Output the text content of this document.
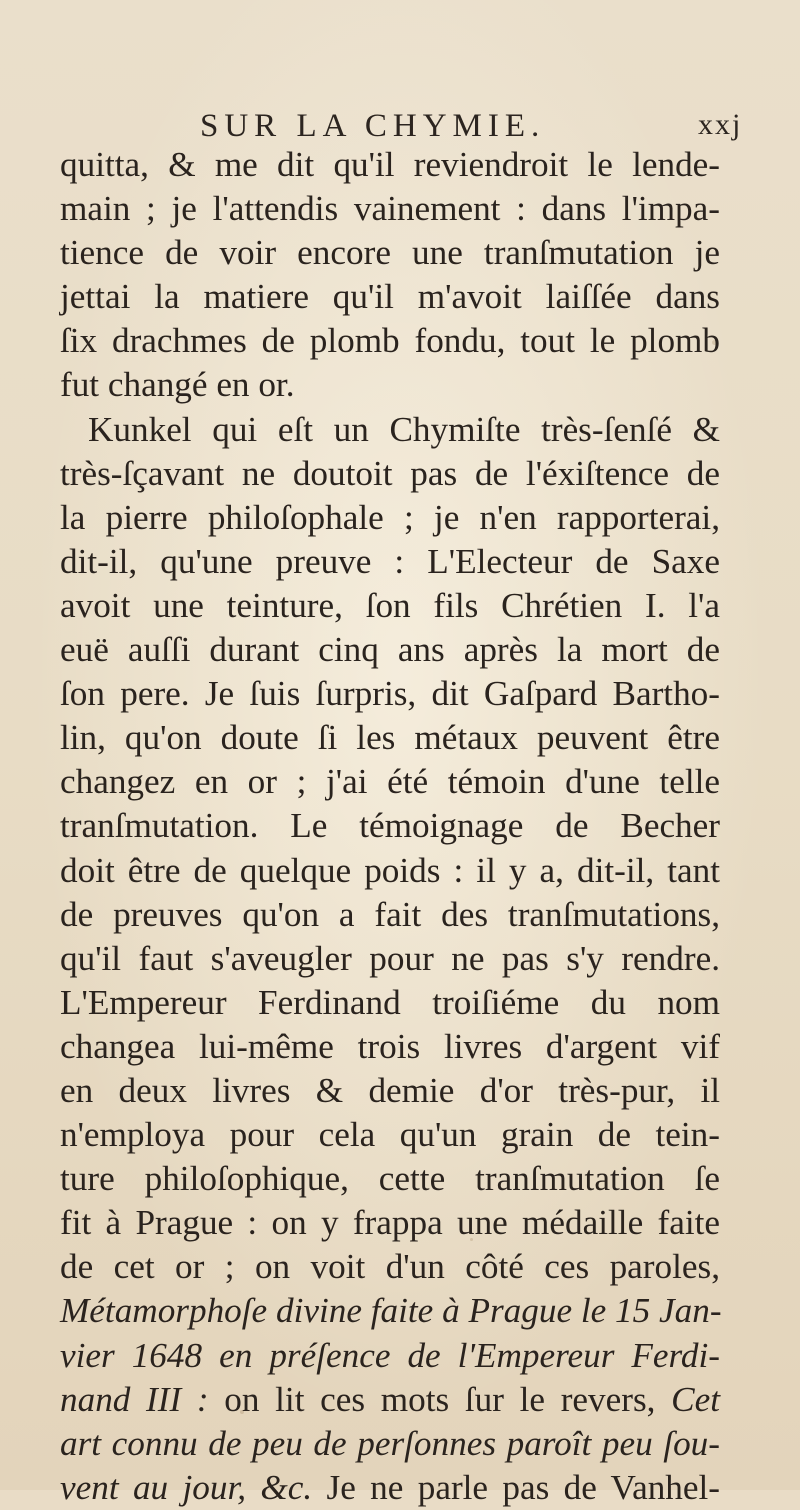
SUR LA CHYMIE.	xxj
quitta, & me dit qu'il reviendroit le lende-
main ; je l'attendis vainement : dans l'impa-
tience de voir encore une tranſmutation je
jettai la matiere qu'il m'avoit laiſſée dans
ſix drachmes de plomb fondu, tout le plomb
fut changé en or.
Kunkel qui eſt un Chymiſte très-ſenſé &
très-ſçavant ne doutoit pas de l'éxiſtence de
la pierre philoſophale ; je n'en rapporterai,
dit-il, qu'une preuve : L'Electeur de Saxe
avoit une teinture, ſon fils Chrétien I. l'a
euë auſſi durant cinq ans après la mort de
ſon pere. Je ſuis ſurpris, dit Gaſpard Bartho-
lin, qu'on doute ſi les métaux peuvent être
changez en or ; j'ai été témoin d'une telle
tranſmutation. Le témoignage de Becher
doit être de quelque poids : il y a, dit-il, tant
de preuves qu'on a fait des tranſmutations,
qu'il faut s'aveugler pour ne pas s'y rendre.
L'Empereur Ferdinand troiſiéme du nom
changea lui-même trois livres d'argent vif
en deux livres & demie d'or très-pur, il
n'employa pour cela qu'un grain de tein-
ture philoſophique, cette tranſmutation ſe
fit à Prague : on y frappa une médaille faite
de cet or ; on voit d'un côté ces paroles,
Métamorphoſe divine faite à Prague le 15 Jan-
vier 1648 en préſence de l'Empereur Ferdi-
nand III : on lit ces mots ſur le revers, Cet
art connu de peu de perſonnes paroît peu ſou-
vent au jour, &c. Je ne parle pas de Vanhel-
